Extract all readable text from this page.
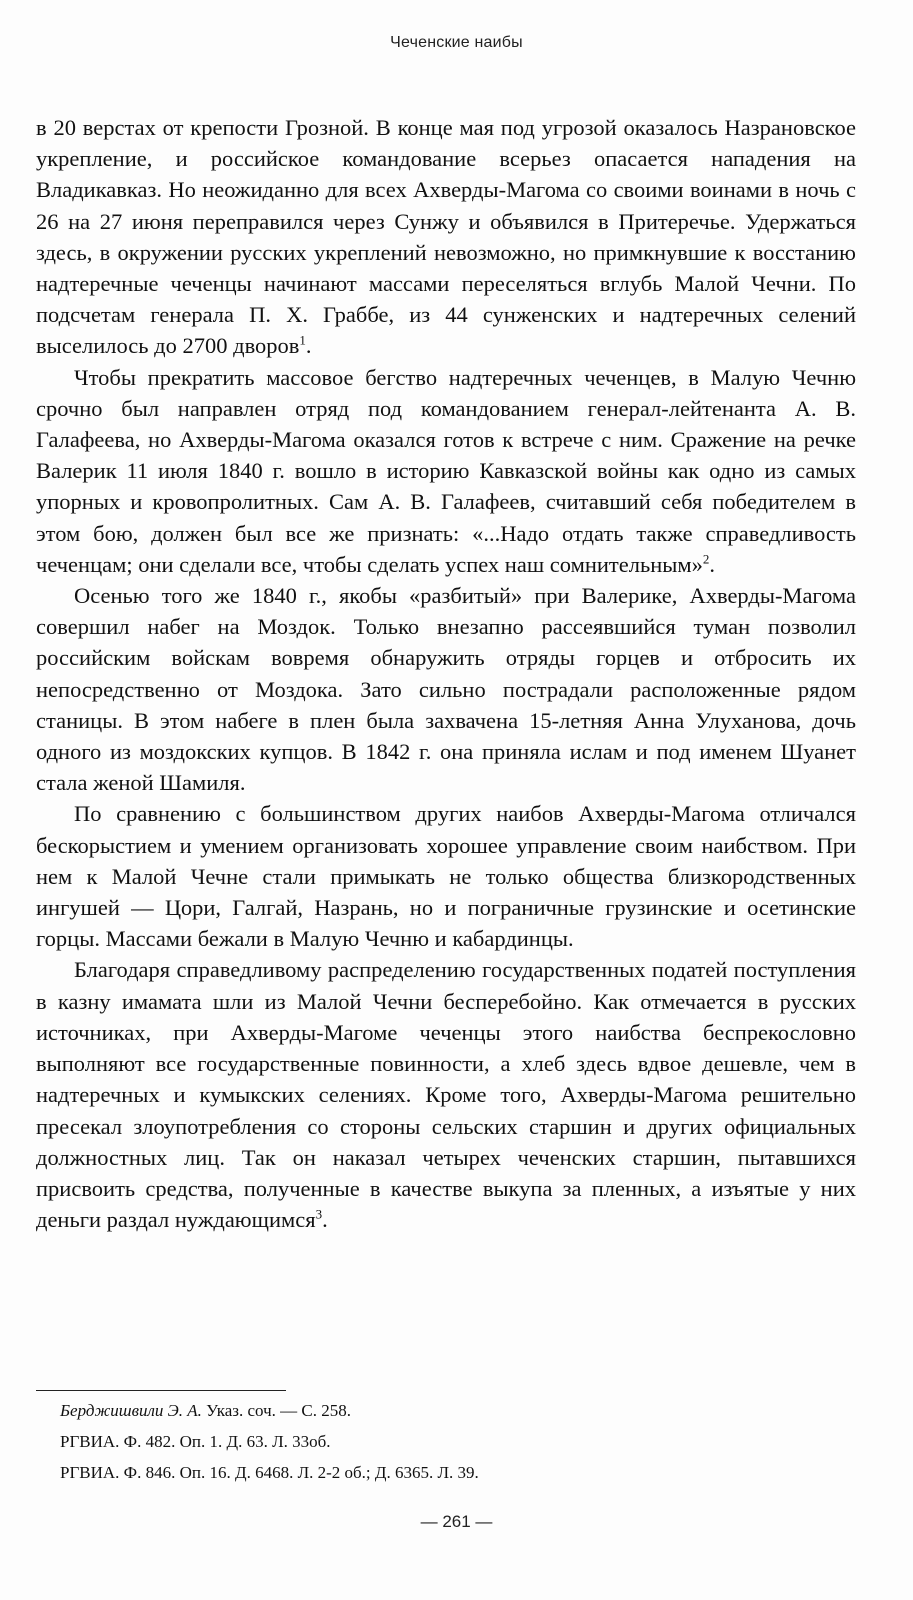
Чеченские наибы

в 20 верстах от крепости Грозной. В конце мая под угрозой оказалось Назрановское укрепление, и российское командование всерьез опасается нападения на Владикавказ. Но неожиданно для всех Ахверды-Магома со своими воинами в ночь с 26 на 27 июня переправился через Сунжу и объявился в Притеречье. Удержаться здесь, в окружении русских укреплений невозможно, но примкнувшие к восстанию надтеречные чеченцы начинают массами переселяться вглубь Малой Чечни. По подсчетам генерала П. Х. Граббе, из 44 сунженских и надтеречных селений выселилось до 2700 дворов$^1$.

Чтобы прекратить массовое бегство надтеречных чеченцев, в Малую Чечню срочно был направлен отряд под командованием генерал-лейтенанта А. В. Галафеева, но Ахверды-Магома оказался готов к встрече с ним. Сражение на речке Валерик 11 июля 1840 г. вошло в историю Кавказской войны как одно из самых упорных и кровопролитных. Сам А. В. Галафеев, считавший себя победителем в этом бою, должен был все же признать: «...Надо отдать также справедливость чеченцам; они сделали все, чтобы сделать успех наш сомнительным»$^2$.

Осенью того же 1840 г., якобы «разбитый» при Валерике, Ахверды-Магома совершил набег на Моздок. Только внезапно рассеявшийся туман позволил российским войскам вовремя обнаружить отряды горцев и отбросить их непосредственно от Моздока. Зато сильно пострадали расположенные рядом станицы. В этом набеге в плен была захвачена 15-летняя Анна Улуханова, дочь одного из моздокских купцов. В 1842 г. она приняла ислам и под именем Шуанет стала женой Шамиля.

По сравнению с большинством других наибов Ахверды-Магома отличался бескорыстием и умением организовать хорошее управление своим наибством. При нем к Малой Чечне стали примыкать не только общества близкородственных ингушей — Цори, Галгай, Назрань, но и пограничные грузинские и осетинские горцы. Массами бежали в Малую Чечню и кабардинцы.

Благодаря справедливому распределению государственных податей поступления в казну имамата шли из Малой Чечни бесперебойно. Как отмечается в русских источниках, при Ахверды-Магоме чеченцы этого наибства беспрекословно выполняют все государственные повинности, а хлеб здесь вдвое дешевле, чем в надтеречных и кумыкских селениях. Кроме того, Ахверды-Магома решительно пресекал злоупотребления со стороны сельских старшин и других официальных должностных лиц. Так он наказал четырех чеченских старшин, пытавшихся присвоить средства, полученные в качестве выкупа за пленных, а изъятые у них деньги раздал нуждающимся$^3$.

Берджишвили Э. А. Указ. соч. — С. 258.

РГВИА. Ф. 482. Оп. 1. Д. 63. Л. 33об.

РГВИА. Ф. 846. Оп. 16. Д. 6468. Л. 2-2 об.; Д. 6365. Л. 39.

— 261 —
